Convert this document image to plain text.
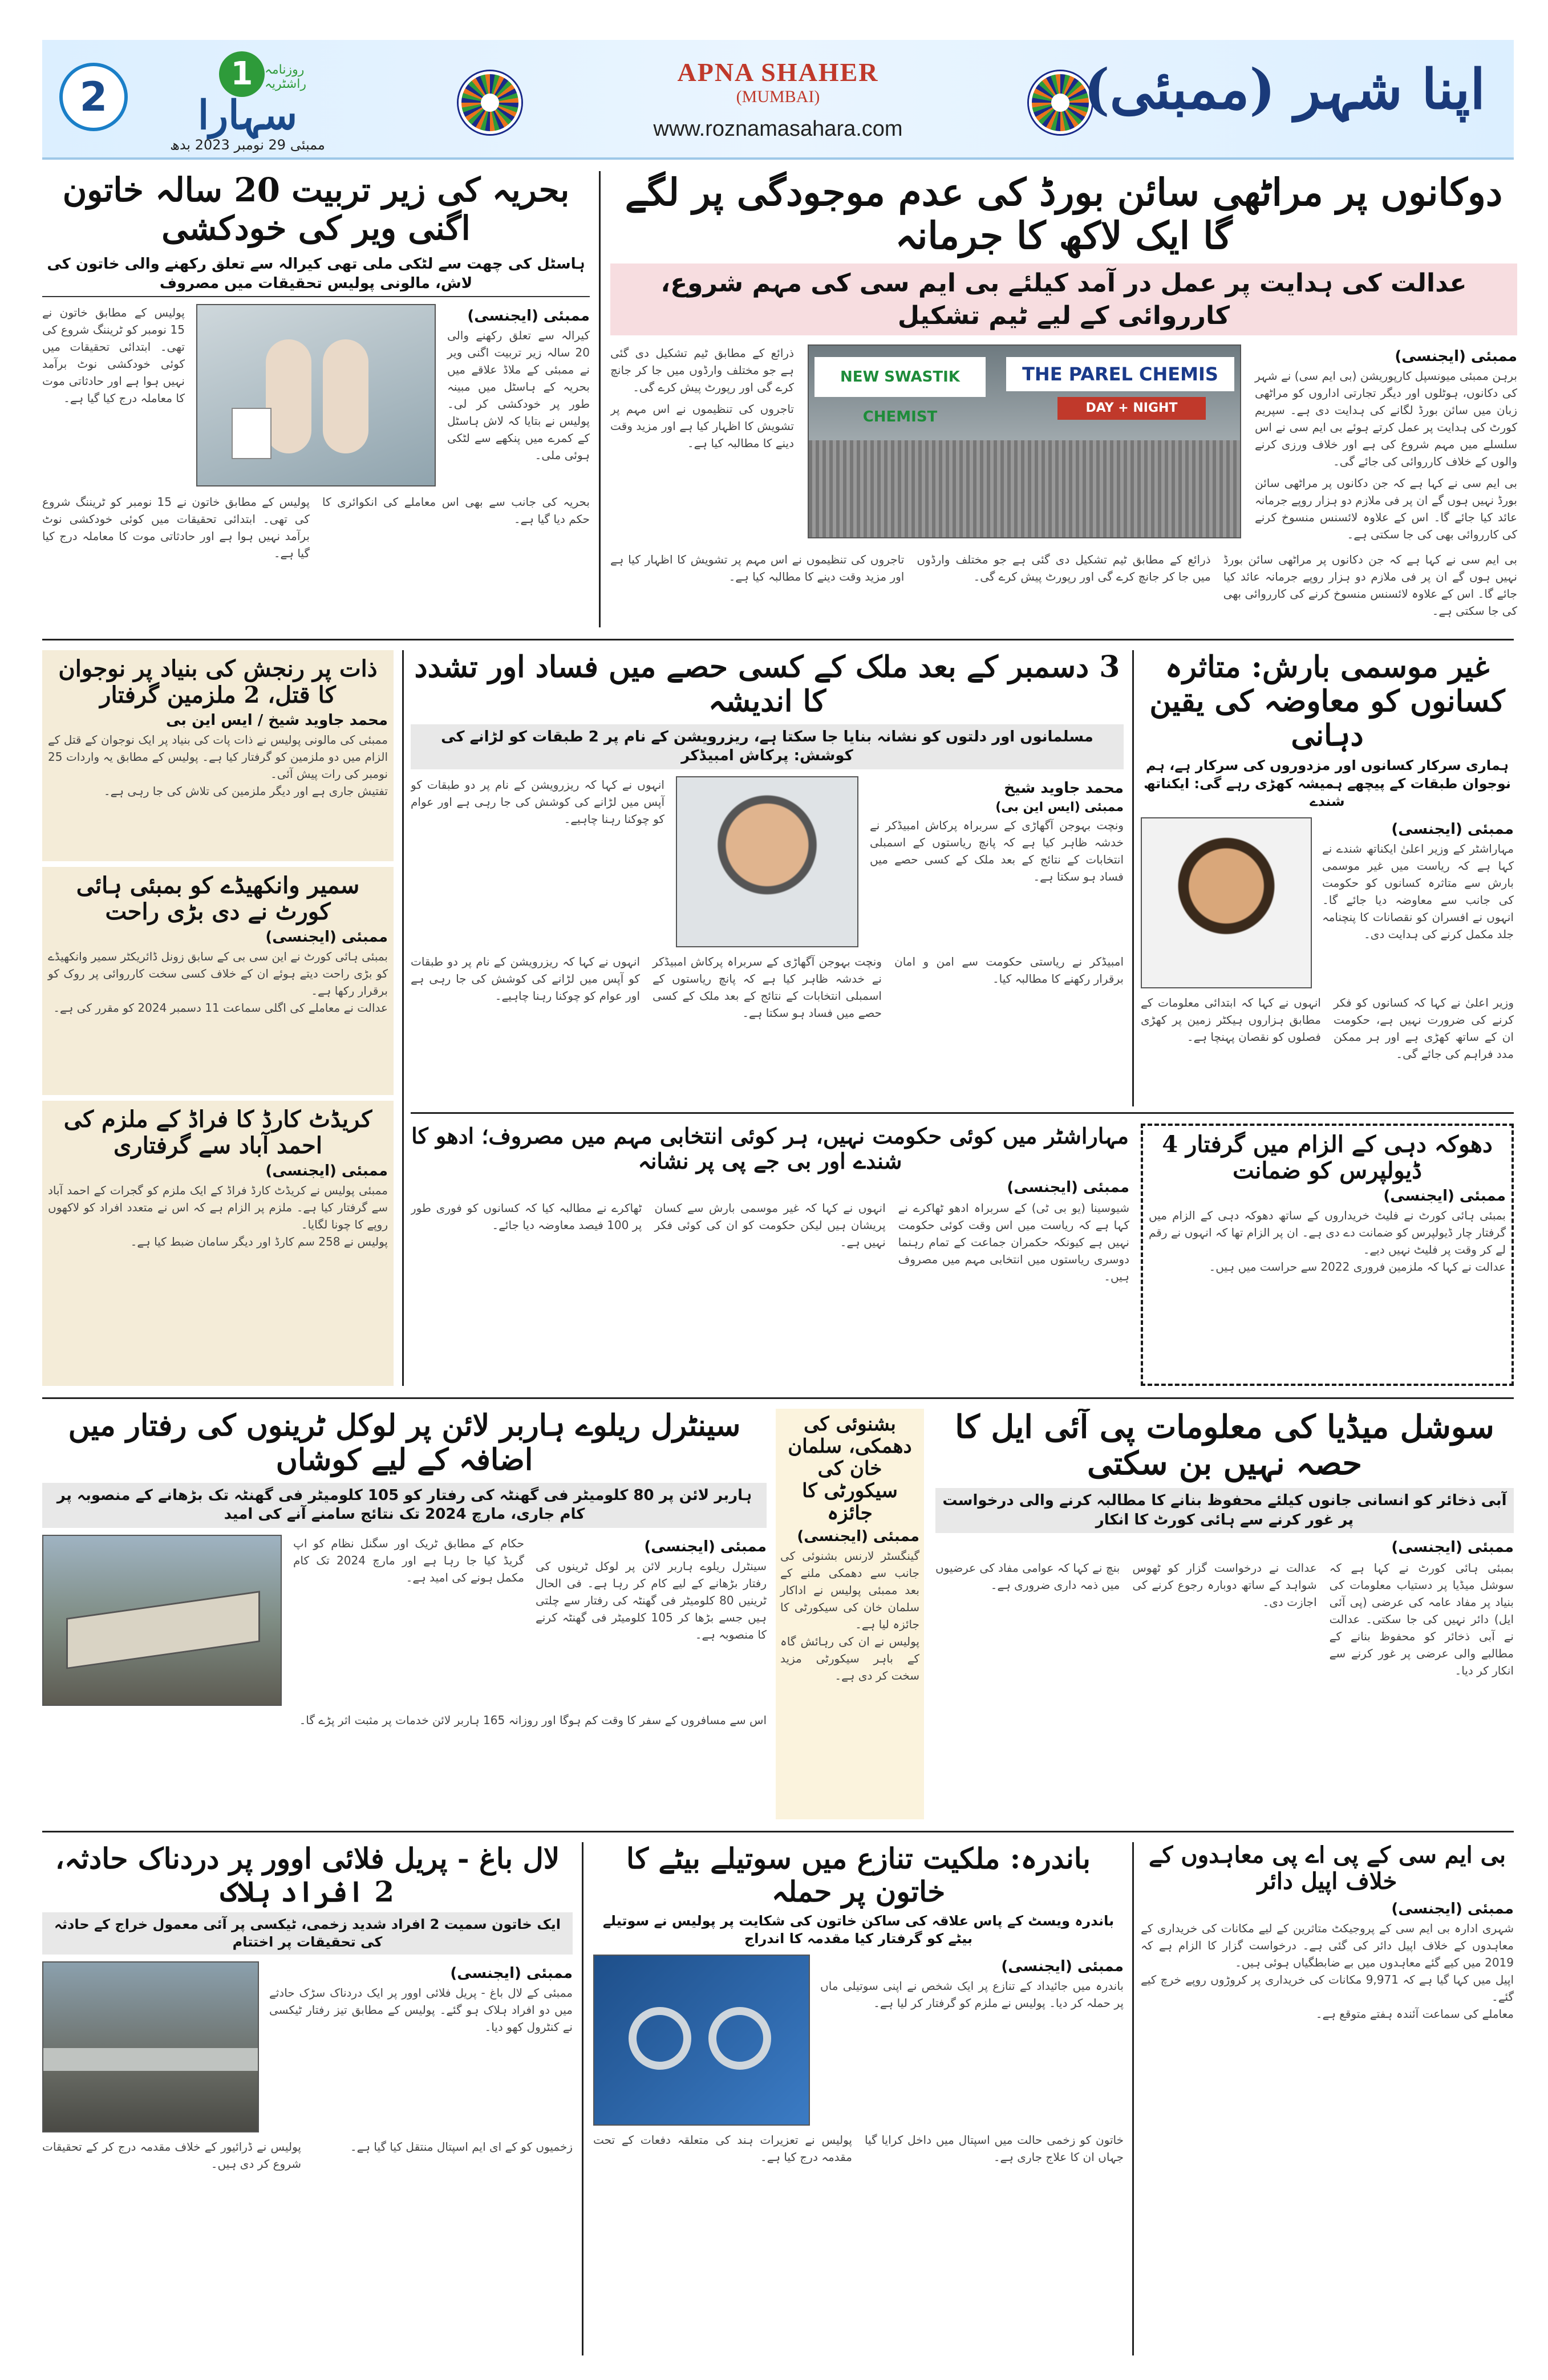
2	1 روزنامہ راشٹریہ
سہارا
ممبئی 29 نومبر 2023 بدھ
APNA SHAHER
(MUMBAI)
www.roznamasahara.com
اپنا شہر (ممبئی)
دوکانوں پر مراٹھی سائن بورڈ کی عدم موجودگی پر لگے گا ایک لاکھ کا جرمانہ
عدالت کی ہدایت پر عمل در آمد کیلئے بی ایم سی کی مہم شروع، کارروائی کے لیے ٹیم تشکیل
ممبئی (ایجنسی)
برہن ممبئی میونسپل کارپوریشن (بی ایم سی) نے شہر کی دکانوں، ہوٹلوں اور دیگر تجارتی اداروں کو مراٹھی زبان میں سائن بورڈ لگانے کی ہدایت دی ہے۔ سپریم کورٹ کی ہدایت پر عمل کرتے ہوئے بی ایم سی نے اس سلسلے میں مہم شروع کی ہے اور خلاف ورزی کرنے والوں کے خلاف کارروائی کی جائے گی۔
بی ایم سی نے کہا ہے کہ جن دکانوں پر مراٹھی سائن بورڈ نہیں ہوں گے ان پر فی ملازم دو ہزار روپے جرمانہ عائد کیا جائے گا۔ اس کے علاوہ لائسنس منسوخ کرنے کی کارروائی بھی کی جا سکتی ہے۔
NEW SWASTIK CHEMIST
THE PAREL CHEMIS
DAY + NIGHT
ذرائع کے مطابق ٹیم تشکیل دی گئی ہے جو مختلف وارڈوں میں جا کر جانچ کرے گی اور رپورٹ پیش کرے گی۔
تاجروں کی تنظیموں نے اس مہم پر تشویش کا اظہار کیا ہے اور مزید وقت دینے کا مطالبہ کیا ہے۔
بی ایم سی نے کہا ہے کہ جن دکانوں پر مراٹھی سائن بورڈ نہیں ہوں گے ان پر فی ملازم دو ہزار روپے جرمانہ عائد کیا جائے گا۔ اس کے علاوہ لائسنس منسوخ کرنے کی کارروائی بھی کی جا سکتی ہے۔
ذرائع کے مطابق ٹیم تشکیل دی گئی ہے جو مختلف وارڈوں میں جا کر جانچ کرے گی اور رپورٹ پیش کرے گی۔
تاجروں کی تنظیموں نے اس مہم پر تشویش کا اظہار کیا ہے اور مزید وقت دینے کا مطالبہ کیا ہے۔
بحریہ کی زیر تربیت 20 سالہ خاتون اگنی ویر کی خودکشی
ہاسٹل کی چھت سے لٹکی ملی تھی کیرالہ سے تعلق رکھنے والی خاتون کی لاش، مالونی پولیس تحقیقات میں مصروف
ممبئی (ایجنسی)
کیرالہ سے تعلق رکھنے والی 20 سالہ زیر تربیت اگنی ویر نے ممبئی کے ملاڈ علاقے میں بحریہ کے ہاسٹل میں مبینہ طور پر خودکشی کر لی۔ پولیس نے بتایا کہ لاش ہاسٹل کے کمرے میں پنکھے سے لٹکی ہوئی ملی۔
پولیس کے مطابق خاتون نے 15 نومبر کو ٹریننگ شروع کی تھی۔ ابتدائی تحقیقات میں کوئی خودکشی نوٹ برآمد نہیں ہوا ہے اور حادثاتی موت کا معاملہ درج کیا گیا ہے۔
بحریہ کی جانب سے بھی اس معاملے کی انکوائری کا حکم دیا گیا ہے۔
پولیس کے مطابق خاتون نے 15 نومبر کو ٹریننگ شروع کی تھی۔ ابتدائی تحقیقات میں کوئی خودکشی نوٹ برآمد نہیں ہوا ہے اور حادثاتی موت کا معاملہ درج کیا گیا ہے۔
غیر موسمی بارش: متاثرہ کسانوں کو معاوضہ کی یقین دہانی
ہماری سرکار کسانوں اور مزدوروں کی سرکار ہے، ہم نوجوان طبقات کے پیچھے ہمیشہ کھڑی رہے گی: ایکناتھ شندے
ممبئی (ایجنسی)
مہاراشٹر کے وزیر اعلیٰ ایکناتھ شندے نے کہا ہے کہ ریاست میں غیر موسمی بارش سے متاثرہ کسانوں کو حکومت کی جانب سے معاوضہ دیا جائے گا۔ انہوں نے افسران کو نقصانات کا پنچنامہ جلد مکمل کرنے کی ہدایت دی۔
وزیر اعلیٰ نے کہا کہ کسانوں کو فکر کرنے کی ضرورت نہیں ہے، حکومت ان کے ساتھ کھڑی ہے اور ہر ممکن مدد فراہم کی جائے گی۔
انہوں نے کہا کہ ابتدائی معلومات کے مطابق ہزاروں ہیکٹر زمین پر کھڑی فصلوں کو نقصان پہنچا ہے۔
3 دسمبر کے بعد ملک کے کسی حصے میں فساد اور تشدد کا اندیشہ
مسلمانوں اور دلتوں کو نشانہ بنایا جا سکتا ہے، ریزرویشن کے نام پر 2 طبقات کو لڑانے کی کوشش: پرکاش امبیڈکر
محمد جاوید شیخ
ممبئی (ایس این بی)
ونچت بہوجن آگھاڑی کے سربراہ پرکاش امبیڈکر نے خدشہ ظاہر کیا ہے کہ پانچ ریاستوں کے اسمبلی انتخابات کے نتائج کے بعد ملک کے کسی حصے میں فساد ہو سکتا ہے۔
انہوں نے کہا کہ ریزرویشن کے نام پر دو طبقات کو آپس میں لڑانے کی کوشش کی جا رہی ہے اور عوام کو چوکنا رہنا چاہیے۔
امبیڈکر نے ریاستی حکومت سے امن و امان برقرار رکھنے کا مطالبہ کیا۔
ونچت بہوجن آگھاڑی کے سربراہ پرکاش امبیڈکر نے خدشہ ظاہر کیا ہے کہ پانچ ریاستوں کے اسمبلی انتخابات کے نتائج کے بعد ملک کے کسی حصے میں فساد ہو سکتا ہے۔
انہوں نے کہا کہ ریزرویشن کے نام پر دو طبقات کو آپس میں لڑانے کی کوشش کی جا رہی ہے اور عوام کو چوکنا رہنا چاہیے۔
ذات پر رنجش کی بنیاد پر نوجوان کا قتل، 2 ملزمین گرفتار
محمد جاوید شیخ / ایس این بی
ممبئی کی مالونی پولیس نے ذات پات کی بنیاد پر ایک نوجوان کے قتل کے الزام میں دو ملزمین کو گرفتار کیا ہے۔ پولیس کے مطابق یہ واردات 25 نومبر کی رات پیش آئی۔
تفتیش جاری ہے اور دیگر ملزمین کی تلاش کی جا رہی ہے۔
سمیر وانکھیڈے کو بمبئی ہائی کورٹ نے دی بڑی راحت
ممبئی (ایجنسی)
بمبئی ہائی کورٹ نے این سی بی کے سابق زونل ڈائریکٹر سمیر وانکھیڈے کو بڑی راحت دیتے ہوئے ان کے خلاف کسی سخت کارروائی پر روک کو برقرار رکھا ہے۔
عدالت نے معاملے کی اگلی سماعت 11 دسمبر 2024 کو مقرر کی ہے۔
کریڈٹ کارڈ کا فراڈ کے ملزم کی احمد آباد سے گرفتاری
ممبئی (ایجنسی)
ممبئی پولیس نے کریڈٹ کارڈ فراڈ کے ایک ملزم کو گجرات کے احمد آباد سے گرفتار کیا ہے۔ ملزم پر الزام ہے کہ اس نے متعدد افراد کو لاکھوں روپے کا چونا لگایا۔
پولیس نے 258 سم کارڈ اور دیگر سامان ضبط کیا ہے۔
دھوکہ دہی کے الزام میں گرفتار 4 ڈیولپرس کو ضمانت
ممبئی (ایجنسی)
بمبئی ہائی کورٹ نے فلیٹ خریداروں کے ساتھ دھوکہ دہی کے الزام میں گرفتار چار ڈیولپرس کو ضمانت دے دی ہے۔ ان پر الزام تھا کہ انہوں نے رقم لے کر وقت پر فلیٹ نہیں دیے۔
عدالت نے کہا کہ ملزمین فروری 2022 سے حراست میں ہیں۔
مہاراشٹر میں کوئی حکومت نہیں، ہر کوئی انتخابی مہم میں مصروف؛ ادھو کا شندے اور بی جے پی پر نشانہ
ممبئی (ایجنسی)
شیوسینا (یو بی ٹی) کے سربراہ ادھو ٹھاکرے نے کہا ہے کہ ریاست میں اس وقت کوئی حکومت نہیں ہے کیونکہ حکمران جماعت کے تمام رہنما دوسری ریاستوں میں انتخابی مہم میں مصروف ہیں۔
انہوں نے کہا کہ غیر موسمی بارش سے کسان پریشان ہیں لیکن حکومت کو ان کی کوئی فکر نہیں ہے۔
ٹھاکرے نے مطالبہ کیا کہ کسانوں کو فوری طور پر 100 فیصد معاوضہ دیا جائے۔
سوشل میڈیا کی معلومات پی آئی ایل کا حصہ نہیں بن سکتی
آبی ذخائر کو انسانی جانوں کیلئے محفوظ بنانے کا مطالبہ کرنے والی درخواست پر غور کرنے سے ہائی کورٹ کا انکار
ممبئی (ایجنسی)
بمبئی ہائی کورٹ نے کہا ہے کہ سوشل میڈیا پر دستیاب معلومات کی بنیاد پر مفاد عامہ کی عرضی (پی آئی ایل) دائر نہیں کی جا سکتی۔ عدالت نے آبی ذخائر کو محفوظ بنانے کے مطالبے والی عرضی پر غور کرنے سے انکار کر دیا۔
عدالت نے درخواست گزار کو ٹھوس شواہد کے ساتھ دوبارہ رجوع کرنے کی اجازت دی۔
بنچ نے کہا کہ عوامی مفاد کی عرضیوں میں ذمہ داری ضروری ہے۔
بشنوئی کی دھمکی، سلمان خان کی سیکورٹی کا جائزہ
ممبئی (ایجنسی)
گینگسٹر لارنس بشنوئی کی جانب سے دھمکی ملنے کے بعد ممبئی پولیس نے اداکار سلمان خان کی سیکورٹی کا جائزہ لیا ہے۔
پولیس نے ان کی رہائش گاہ کے باہر سیکورٹی مزید سخت کر دی ہے۔
سینٹرل ریلوے ہاربر لائن پر لوکل ٹرینوں کی رفتار میں اضافہ کے لیے کوشاں
ہاربر لائن پر 80 کلومیٹر فی گھنٹہ کی رفتار کو 105 کلومیٹر فی گھنٹہ تک بڑھانے کے منصوبہ پر کام جاری، مارچ 2024 تک نتائج سامنے آنے کی امید
ممبئی (ایجنسی)
سینٹرل ریلوے ہاربر لائن پر لوکل ٹرینوں کی رفتار بڑھانے کے لیے کام کر رہا ہے۔ فی الحال ٹرینیں 80 کلومیٹر فی گھنٹہ کی رفتار سے چلتی ہیں جسے بڑھا کر 105 کلومیٹر فی گھنٹہ کرنے کا منصوبہ ہے۔
حکام کے مطابق ٹریک اور سگنل نظام کو اپ گریڈ کیا جا رہا ہے اور مارچ 2024 تک کام مکمل ہونے کی امید ہے۔
اس سے مسافروں کے سفر کا وقت کم ہوگا اور روزانہ 165 ہاربر لائن خدمات پر مثبت اثر پڑے گا۔
بی ایم سی کے پی اے پی معاہدوں کے خلاف اپیل دائر
ممبئی (ایجنسی)
شہری ادارہ بی ایم سی کے پروجیکٹ متاثرین کے لیے مکانات کی خریداری کے معاہدوں کے خلاف اپیل دائر کی گئی ہے۔ درخواست گزار کا الزام ہے کہ 2019 میں کیے گئے معاہدوں میں بے ضابطگیاں ہوئی ہیں۔
اپیل میں کہا گیا ہے کہ 9,971 مکانات کی خریداری پر کروڑوں روپے خرچ کیے گئے۔
معاملے کی سماعت آئندہ ہفتے متوقع ہے۔
باندرہ: ملکیت تنازع میں سوتیلے بیٹے کا خاتون پر حملہ
باندرہ ویسٹ کے پاس علاقہ کی ساکن خاتون کی شکایت پر پولیس نے سوتیلے بیٹے کو گرفتار کیا مقدمہ کا اندراج
ممبئی (ایجنسی)
باندرہ میں جائیداد کے تنازع پر ایک شخص نے اپنی سوتیلی ماں پر حملہ کر دیا۔ پولیس نے ملزم کو گرفتار کر لیا ہے۔
خاتون کو زخمی حالت میں اسپتال میں داخل کرایا گیا جہاں ان کا علاج جاری ہے۔
پولیس نے تعزیرات ہند کی متعلقہ دفعات کے تحت مقدمہ درج کیا ہے۔
لال باغ - پریل فلائی اوور پر دردناک حادثہ، 2 افراد ہلاک
ایک خاتون سمیت 2 افراد شدید زخمی، ٹیکسی پر آئی معمول خراج کے حادثہ کی تحقیقات پر اختتام
ممبئی (ایجنسی)
ممبئی کے لال باغ - پریل فلائی اوور پر ایک دردناک سڑک حادثے میں دو افراد ہلاک ہو گئے۔ پولیس کے مطابق تیز رفتار ٹیکسی نے کنٹرول کھو دیا۔
زخمیوں کو کے ای ایم اسپتال منتقل کیا گیا ہے۔
پولیس نے ڈرائیور کے خلاف مقدمہ درج کر کے تحقیقات شروع کر دی ہیں۔
